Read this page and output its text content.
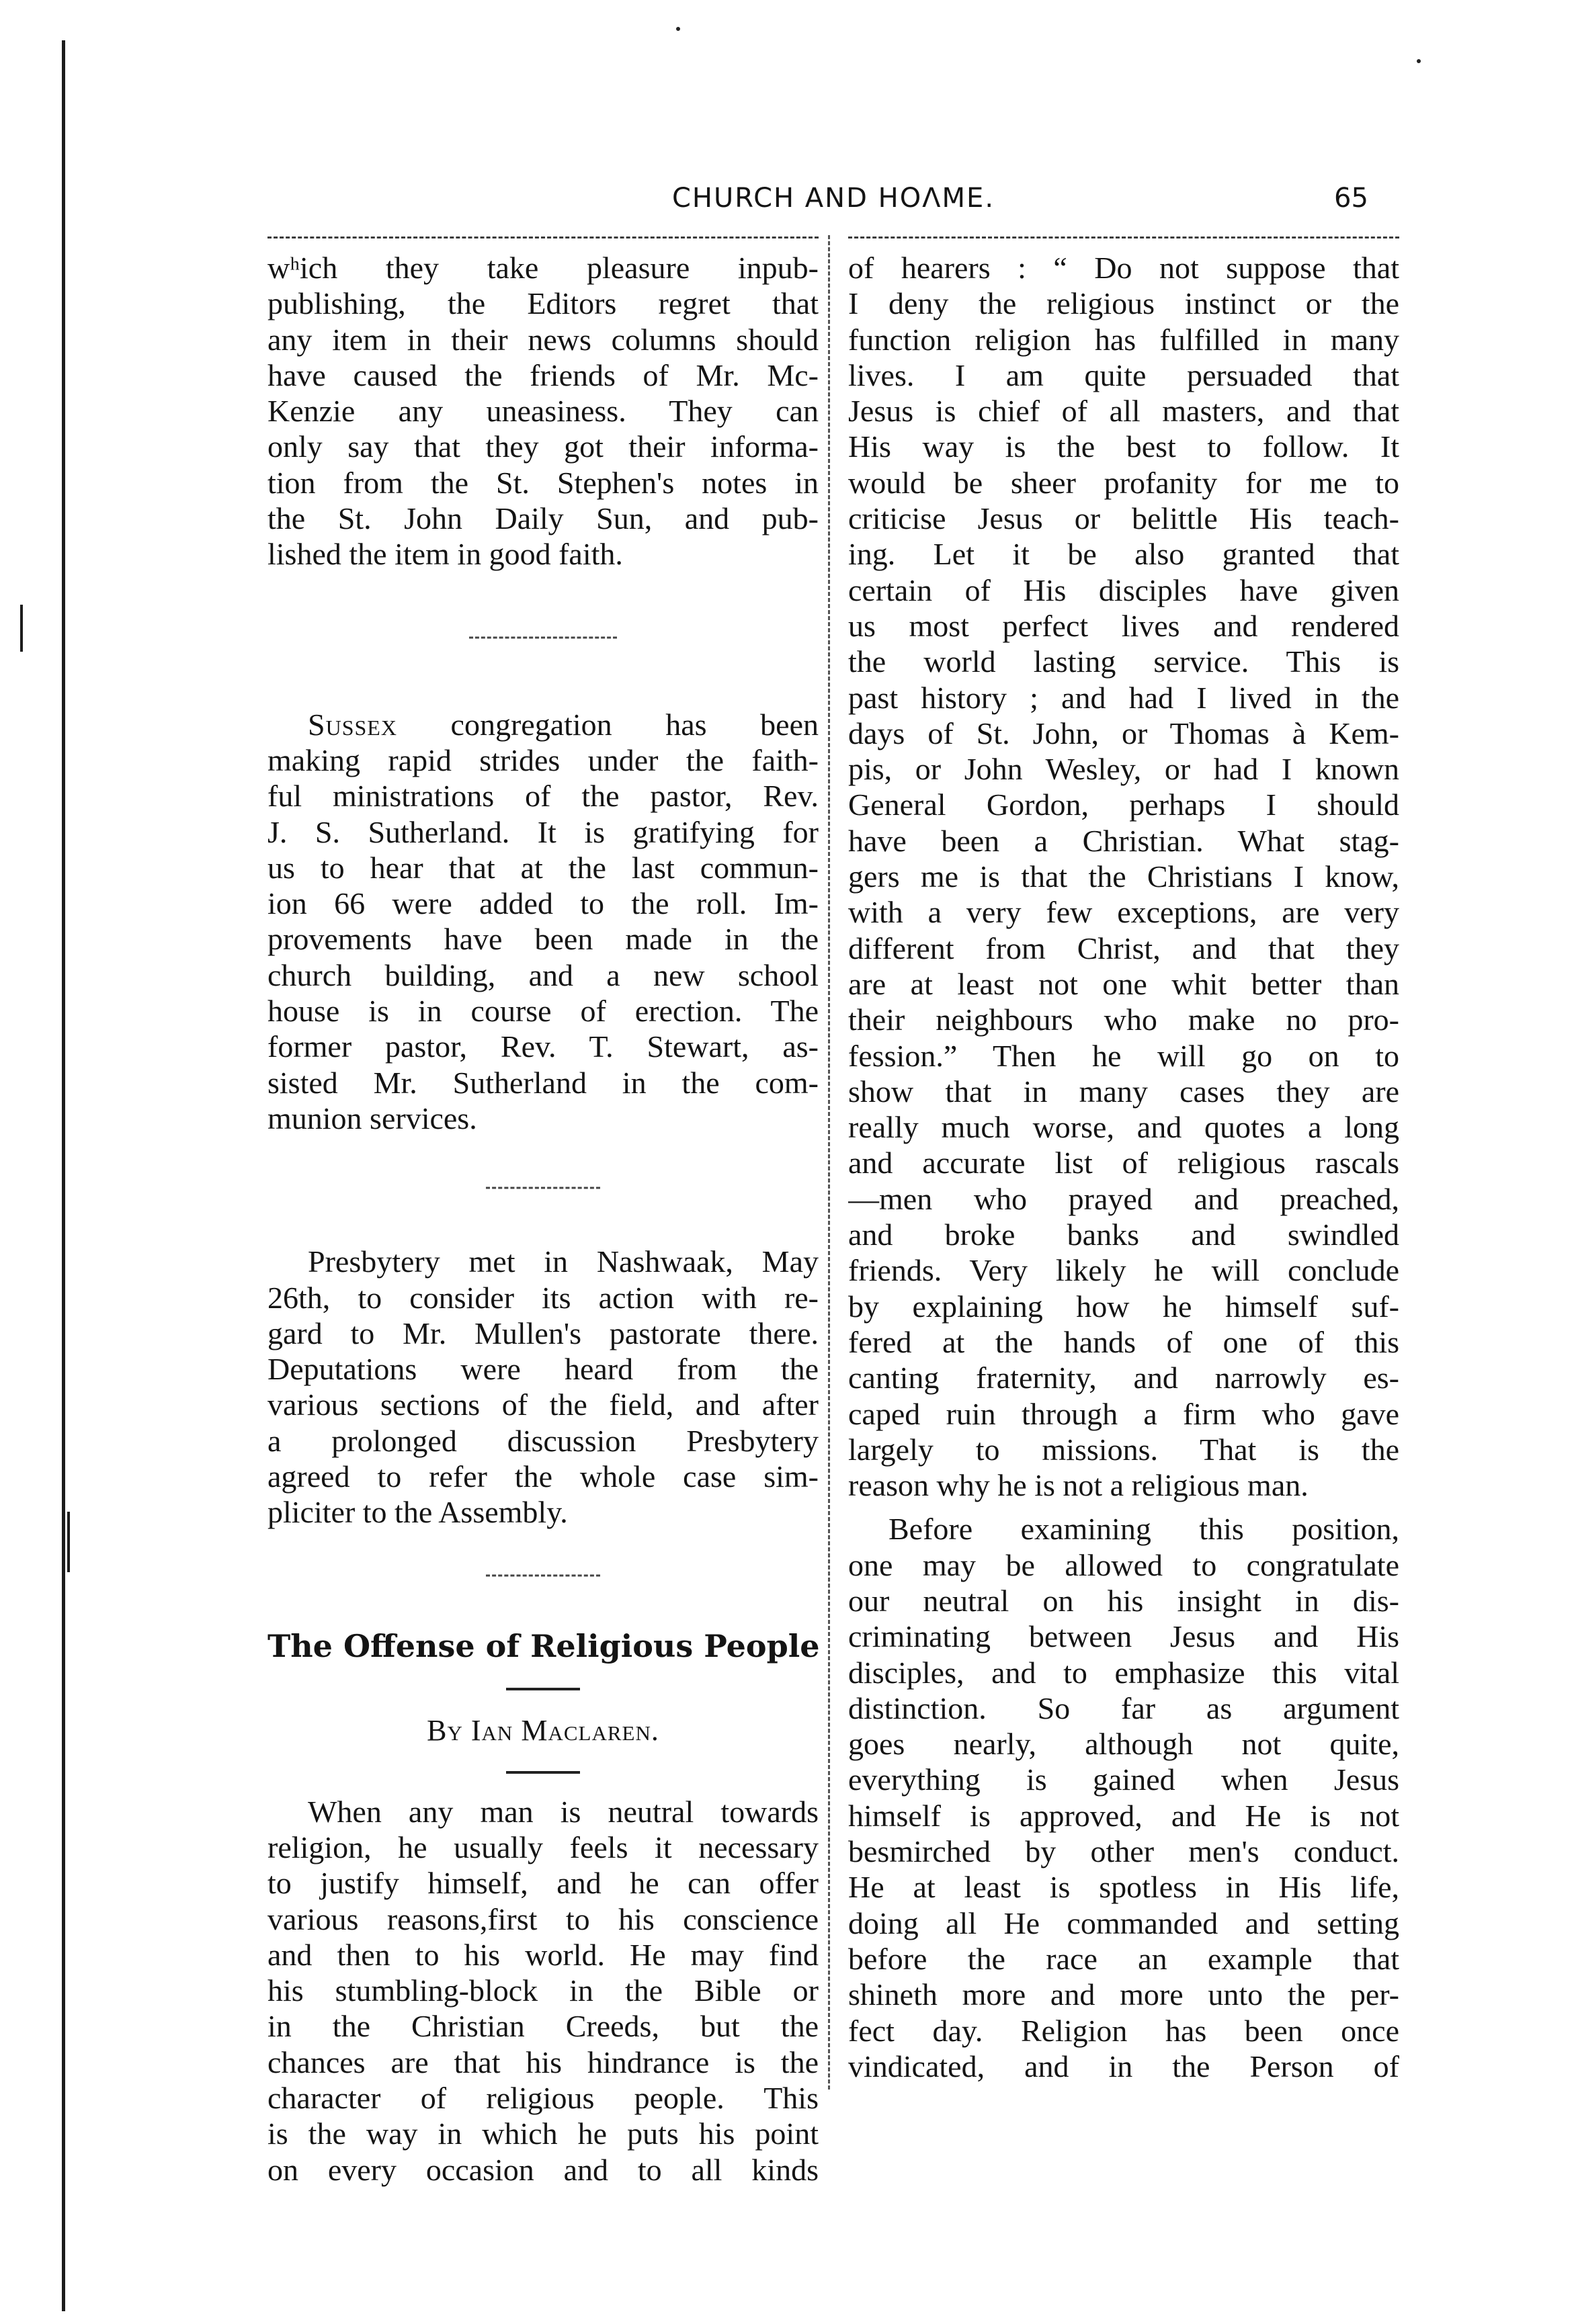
CHURCH AND HOɅΜE.	65
wʰich they take pleasure inpub-
publishing, the Editors regret that
any item in their news columns should
have caused the friends of Mr. Mc-
Kenzie any uneasiness. They can
only say that they got their informa-
tion from the St. Stephen's notes in
the St. John Daily Sun, and pub-
lished the item in good faith.
Sussex congregation has been
making rapid strides under the faith-
ful ministrations of the pastor, Rev.
J. S. Sutherland. It is gratifying for
us to hear that at the last commun-
ion 66 were added to the roll. Im-
provements have been made in the
church building, and a new school
house is in course of erection. The
former pastor, Rev. T. Stewart, as-
sisted Mr. Sutherland in the com-
munion services.
Presbytery met in Nashwaak, May
26th, to consider its action with re-
gard to Mr. Mullen's pastorate there.
Deputations were heard from the
various sections of the field, and after
a prolonged discussion Presbytery
agreed to refer the whole case sim-
pliciter to the Assembly.
The Offense of Religious People
By Ian Maclaren.
When any man is neutral towards
religion, he usually feels it necessary
to justify himself, and he can offer
various reasons,first to his conscience
and then to his world. He may find
his stumbling-block in the Bible or
in the Christian Creeds, but the
chances are that his hindrance is the
character of religious people. This
is the way in which he puts his point
on every occasion and to all kinds
of hearers : “ Do not suppose that
I deny the religious instinct or the
function religion has fulfilled in many
lives. I am quite persuaded that
Jesus is chief of all masters, and that
His way is the best to follow. It
would be sheer profanity for me to
criticise Jesus or belittle His teach-
ing. Let it be also granted that
certain of His disciples have given
us most perfect lives and rendered
the world lasting service. This is
past history ; and had I lived in the
days of St. John, or Thomas à Kem-
pis, or John Wesley, or had I known
General Gordon, perhaps I should
have been a Christian. What stag-
gers me is that the Christians I know,
with a very few exceptions, are very
different from Christ, and that they
are at least not one whit better than
their neighbours who make no pro-
fession.” Then he will go on to
show that in many cases they are
really much worse, and quotes a long
and accurate list of religious rascals
—men who prayed and preached,
and broke banks and swindled
friends. Very likely he will conclude
by explaining how he himself suf-
fered at the hands of one of this
canting fraternity, and narrowly es-
caped ruin through a firm who gave
largely to missions. That is the
reason why he is not a religious man.
Before examining this position,
one may be allowed to congratulate
our neutral on his insight in dis-
criminating between Jesus and His
disciples, and to emphasize this vital
distinction. So far as argument
goes nearly, although not quite,
everything is gained when Jesus
himself is approved, and He is not
besmirched by other men's conduct.
He at least is spotless in His life,
doing all He commanded and setting
before the race an example that
shineth more and more unto the per-
fect day. Religion has been once
vindicated, and in the Person of
